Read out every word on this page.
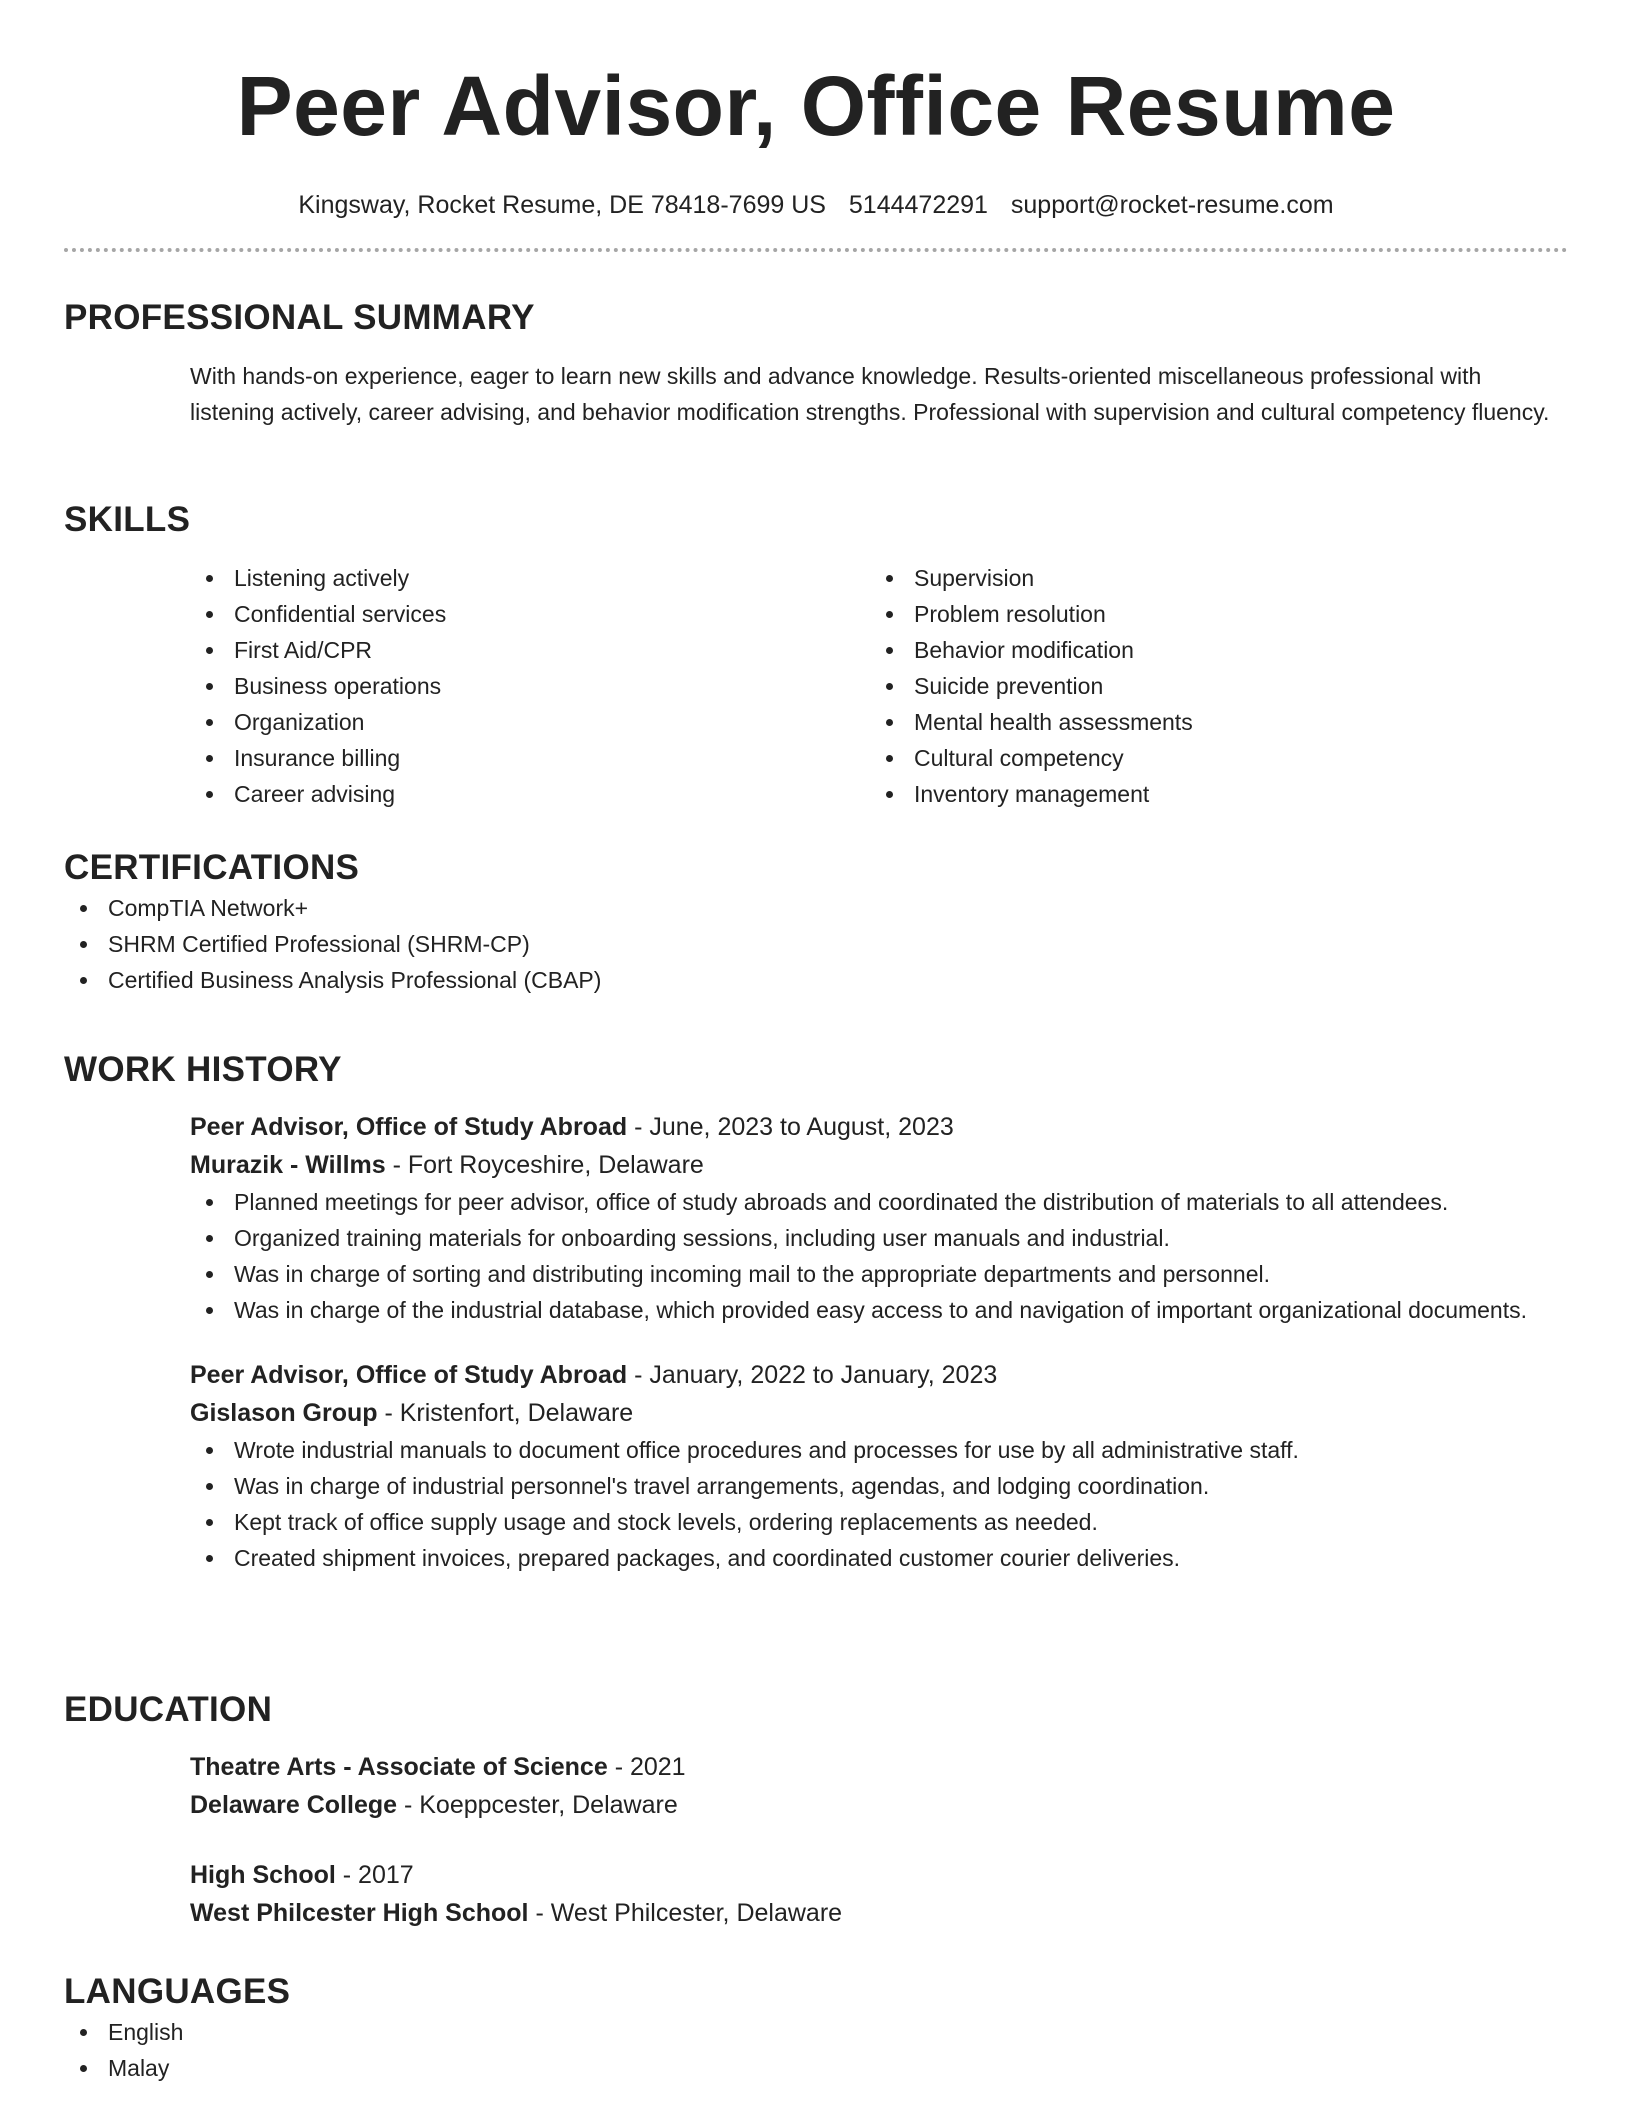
Peer Advisor, Office Resume
Kingsway, Rocket Resume, DE 78418-7699 US 5144472291 support@rocket-resume.com
PROFESSIONAL SUMMARY
With hands-on experience, eager to learn new skills and advance knowledge. Results-oriented miscellaneous professional with listening actively, career advising, and behavior modification strengths. Professional with supervision and cultural competency fluency.
SKILLS
Listening actively
Confidential services
First Aid/CPR
Business operations
Organization
Insurance billing
Career advising
Supervision
Problem resolution
Behavior modification
Suicide prevention
Mental health assessments
Cultural competency
Inventory management
CERTIFICATIONS
CompTIA Network+
SHRM Certified Professional (SHRM-CP)
Certified Business Analysis Professional (CBAP)
WORK HISTORY
Peer Advisor, Office of Study Abroad - June, 2023 to August, 2023
Murazik - Willms - Fort Royceshire, Delaware
Planned meetings for peer advisor, office of study abroads and coordinated the distribution of materials to all attendees.
Organized training materials for onboarding sessions, including user manuals and industrial.
Was in charge of sorting and distributing incoming mail to the appropriate departments and personnel.
Was in charge of the industrial database, which provided easy access to and navigation of important organizational documents.
Peer Advisor, Office of Study Abroad - January, 2022 to January, 2023
Gislason Group - Kristenfort, Delaware
Wrote industrial manuals to document office procedures and processes for use by all administrative staff.
Was in charge of industrial personnel's travel arrangements, agendas, and lodging coordination.
Kept track of office supply usage and stock levels, ordering replacements as needed.
Created shipment invoices, prepared packages, and coordinated customer courier deliveries.
EDUCATION
Theatre Arts - Associate of Science - 2021
Delaware College - Koeppcester, Delaware
High School - 2017
West Philcester High School - West Philcester, Delaware
LANGUAGES
English
Malay
